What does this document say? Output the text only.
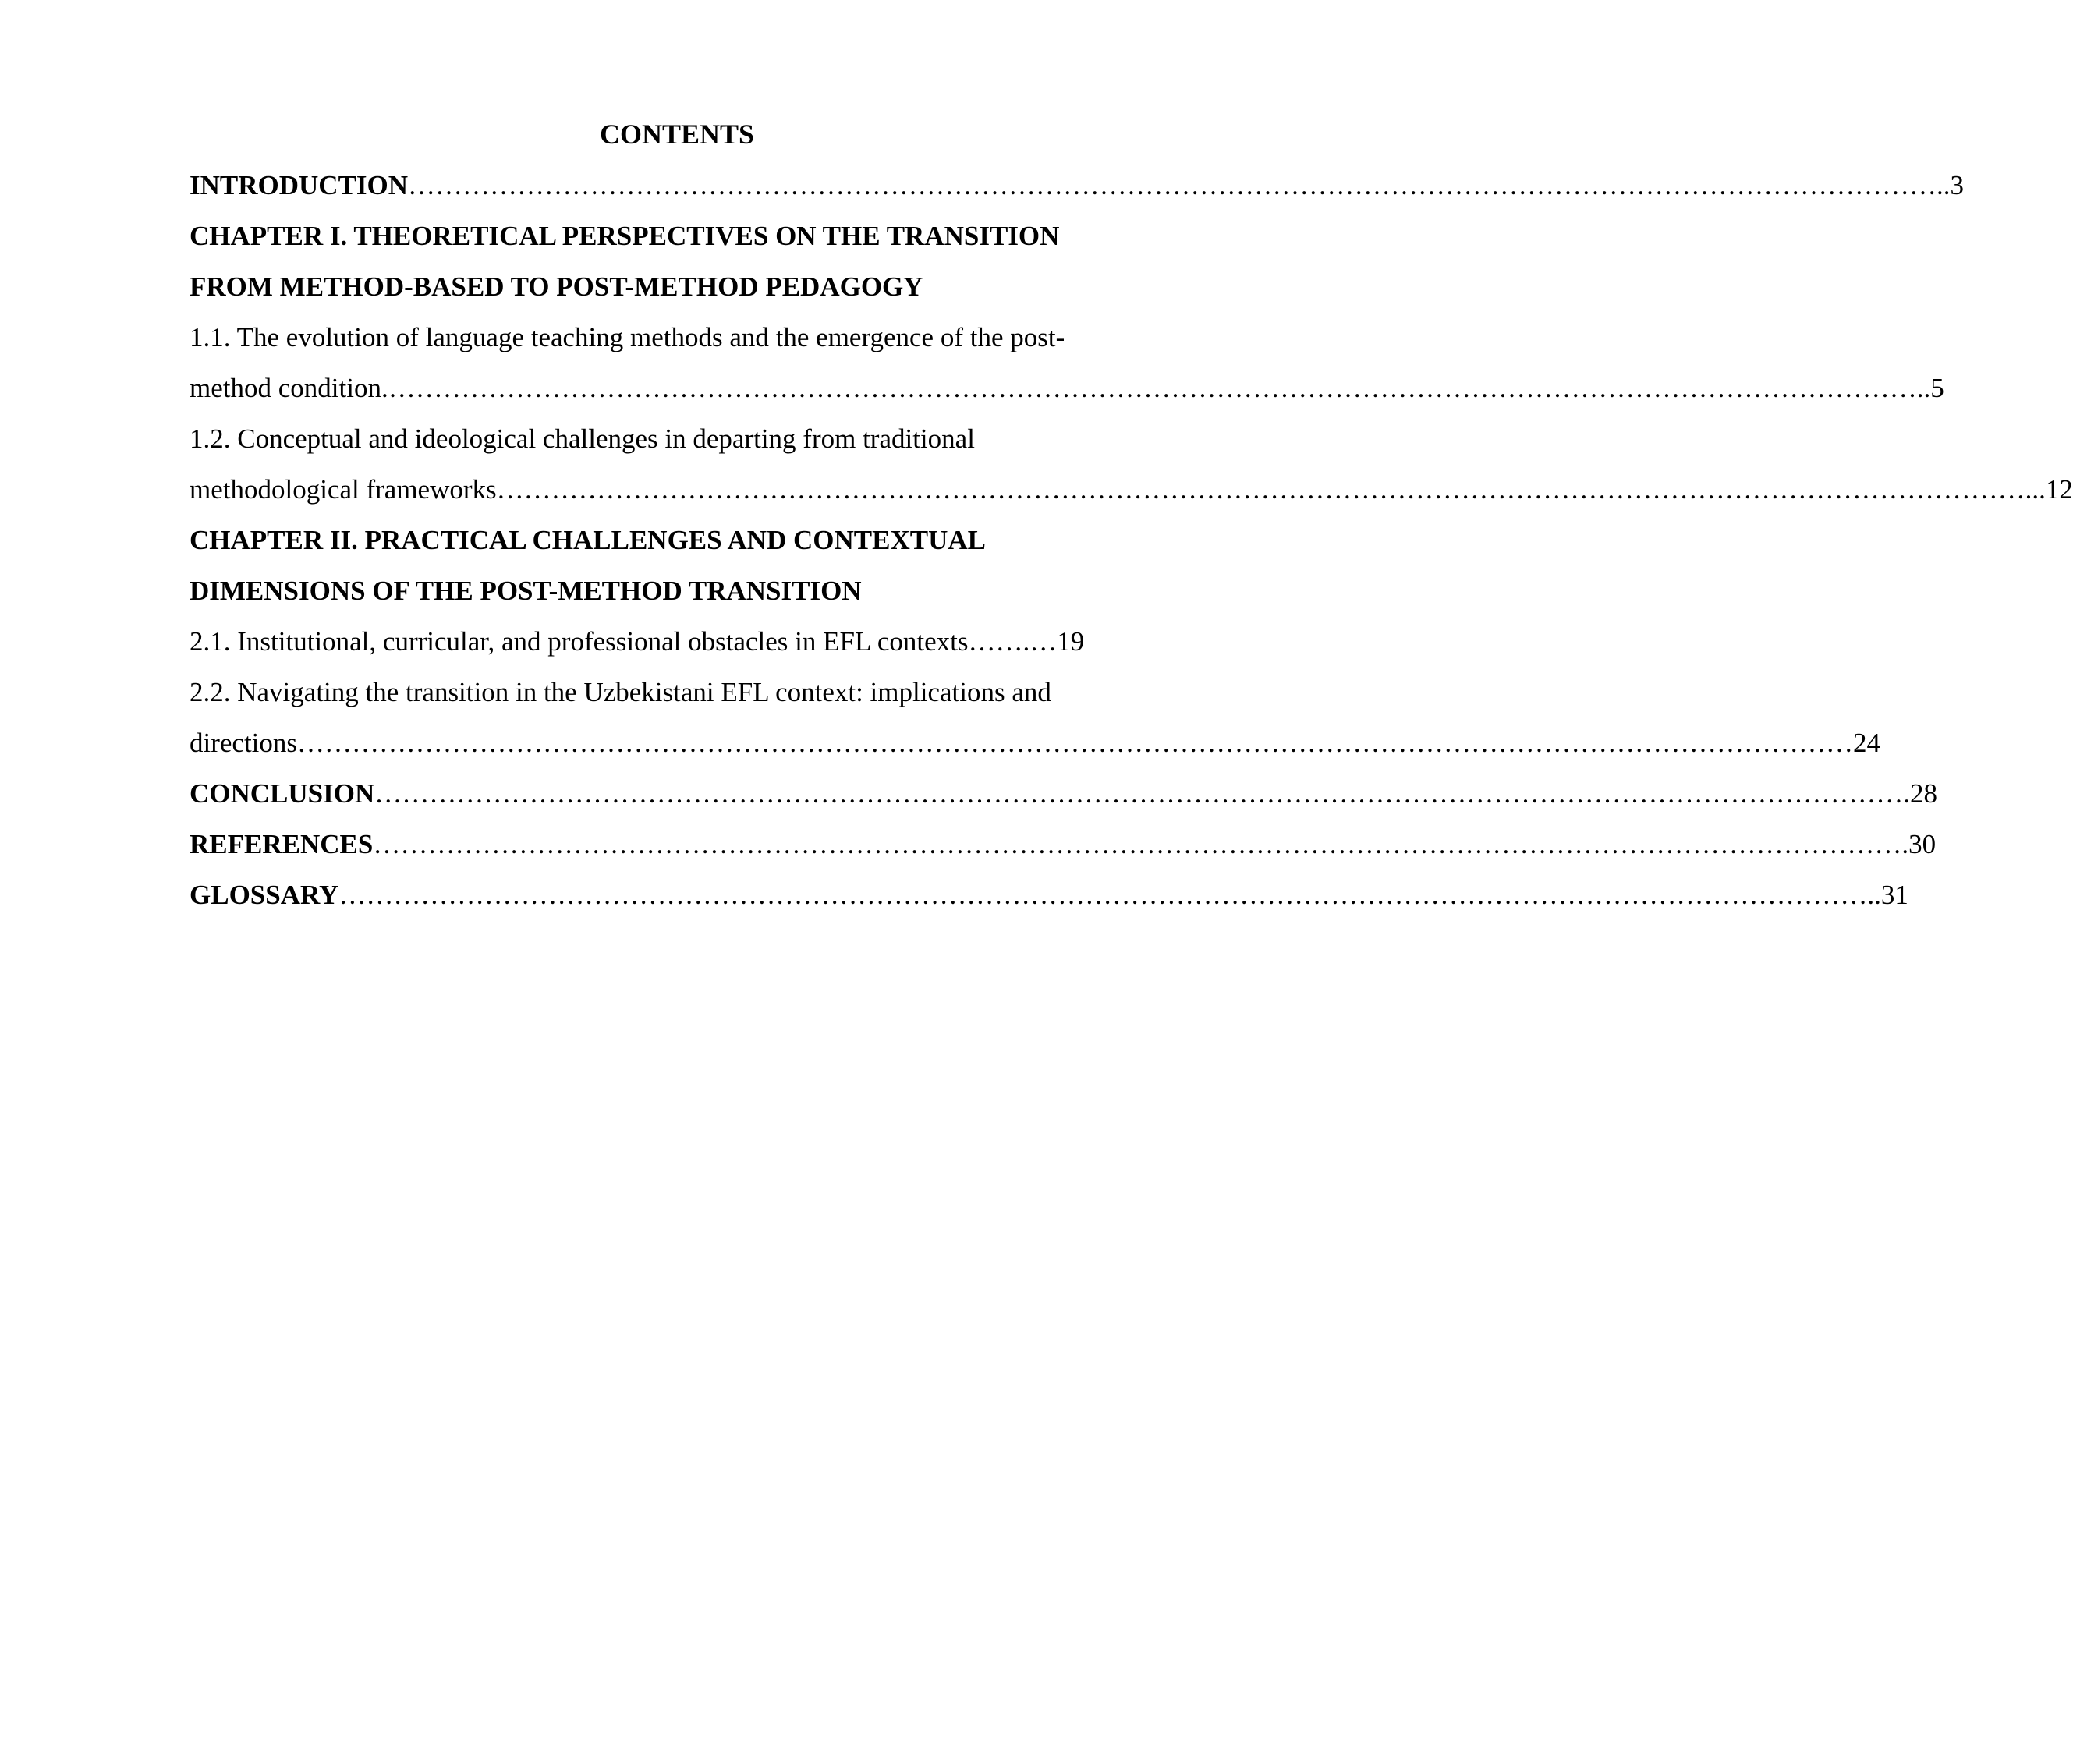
CONTENTS
INTRODUCTION …………………………………………………………………………………………………………………………………………………… ..3
CHAPTER I. THEORETICAL PERSPECTIVES ON THE TRANSITION
FROM METHOD-BASED TO POST-METHOD PEDAGOGY
1.1. The evolution of language teaching methods and the emergence of the post-
method condition. …………………………………………………………………………………………………………………………………………………… ..5
1.2. Conceptual and ideological challenges in departing from traditional
methodological frameworks …………………………………………………………………………………………………………………………………………………… ...12
CHAPTER II. PRACTICAL CHALLENGES AND CONTEXTUAL
DIMENSIONS OF THE POST-METHOD TRANSITION
2.1. Institutional, curricular, and professional obstacles in EFL contexts…….…19
2.2. Navigating the transition in the Uzbekistani EFL context: implications and
directions …………………………………………………………………………………………………………………………………………………… …24
CONCLUSION …………………………………………………………………………………………………………………………………………………… .28
REFERENCES …………………………………………………………………………………………………………………………………………………… .30
GLOSSARY …………………………………………………………………………………………………………………………………………………… ..31
